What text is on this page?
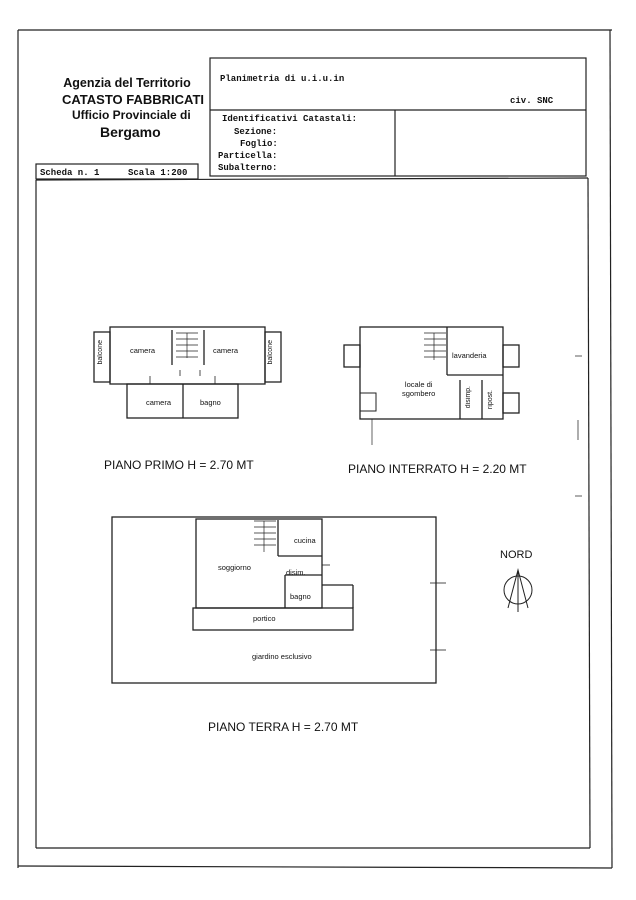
Agenzia del Territorio
CATASTO FABBRICATI
Ufficio Provinciale di
Bergamo
Planimetria di u.i.u.in
civ. SNC
Identificativi Catastali:
Sezione:
Foglio:
Particella:
Subalterno:
Scheda n. 1	Scala 1:200
camera	camera
camera	bagno
balcone	balcone
PIANO PRIMO H = 2.70 MT
lavanderia
locale di
sgombero	disimp. ripost.
PIANO INTERRATO H = 2.20 MT
cucina
soggiorno
disim.
bagno
portico
giardino esclusivo
PIANO TERRA H = 2.70 MT
NORD
